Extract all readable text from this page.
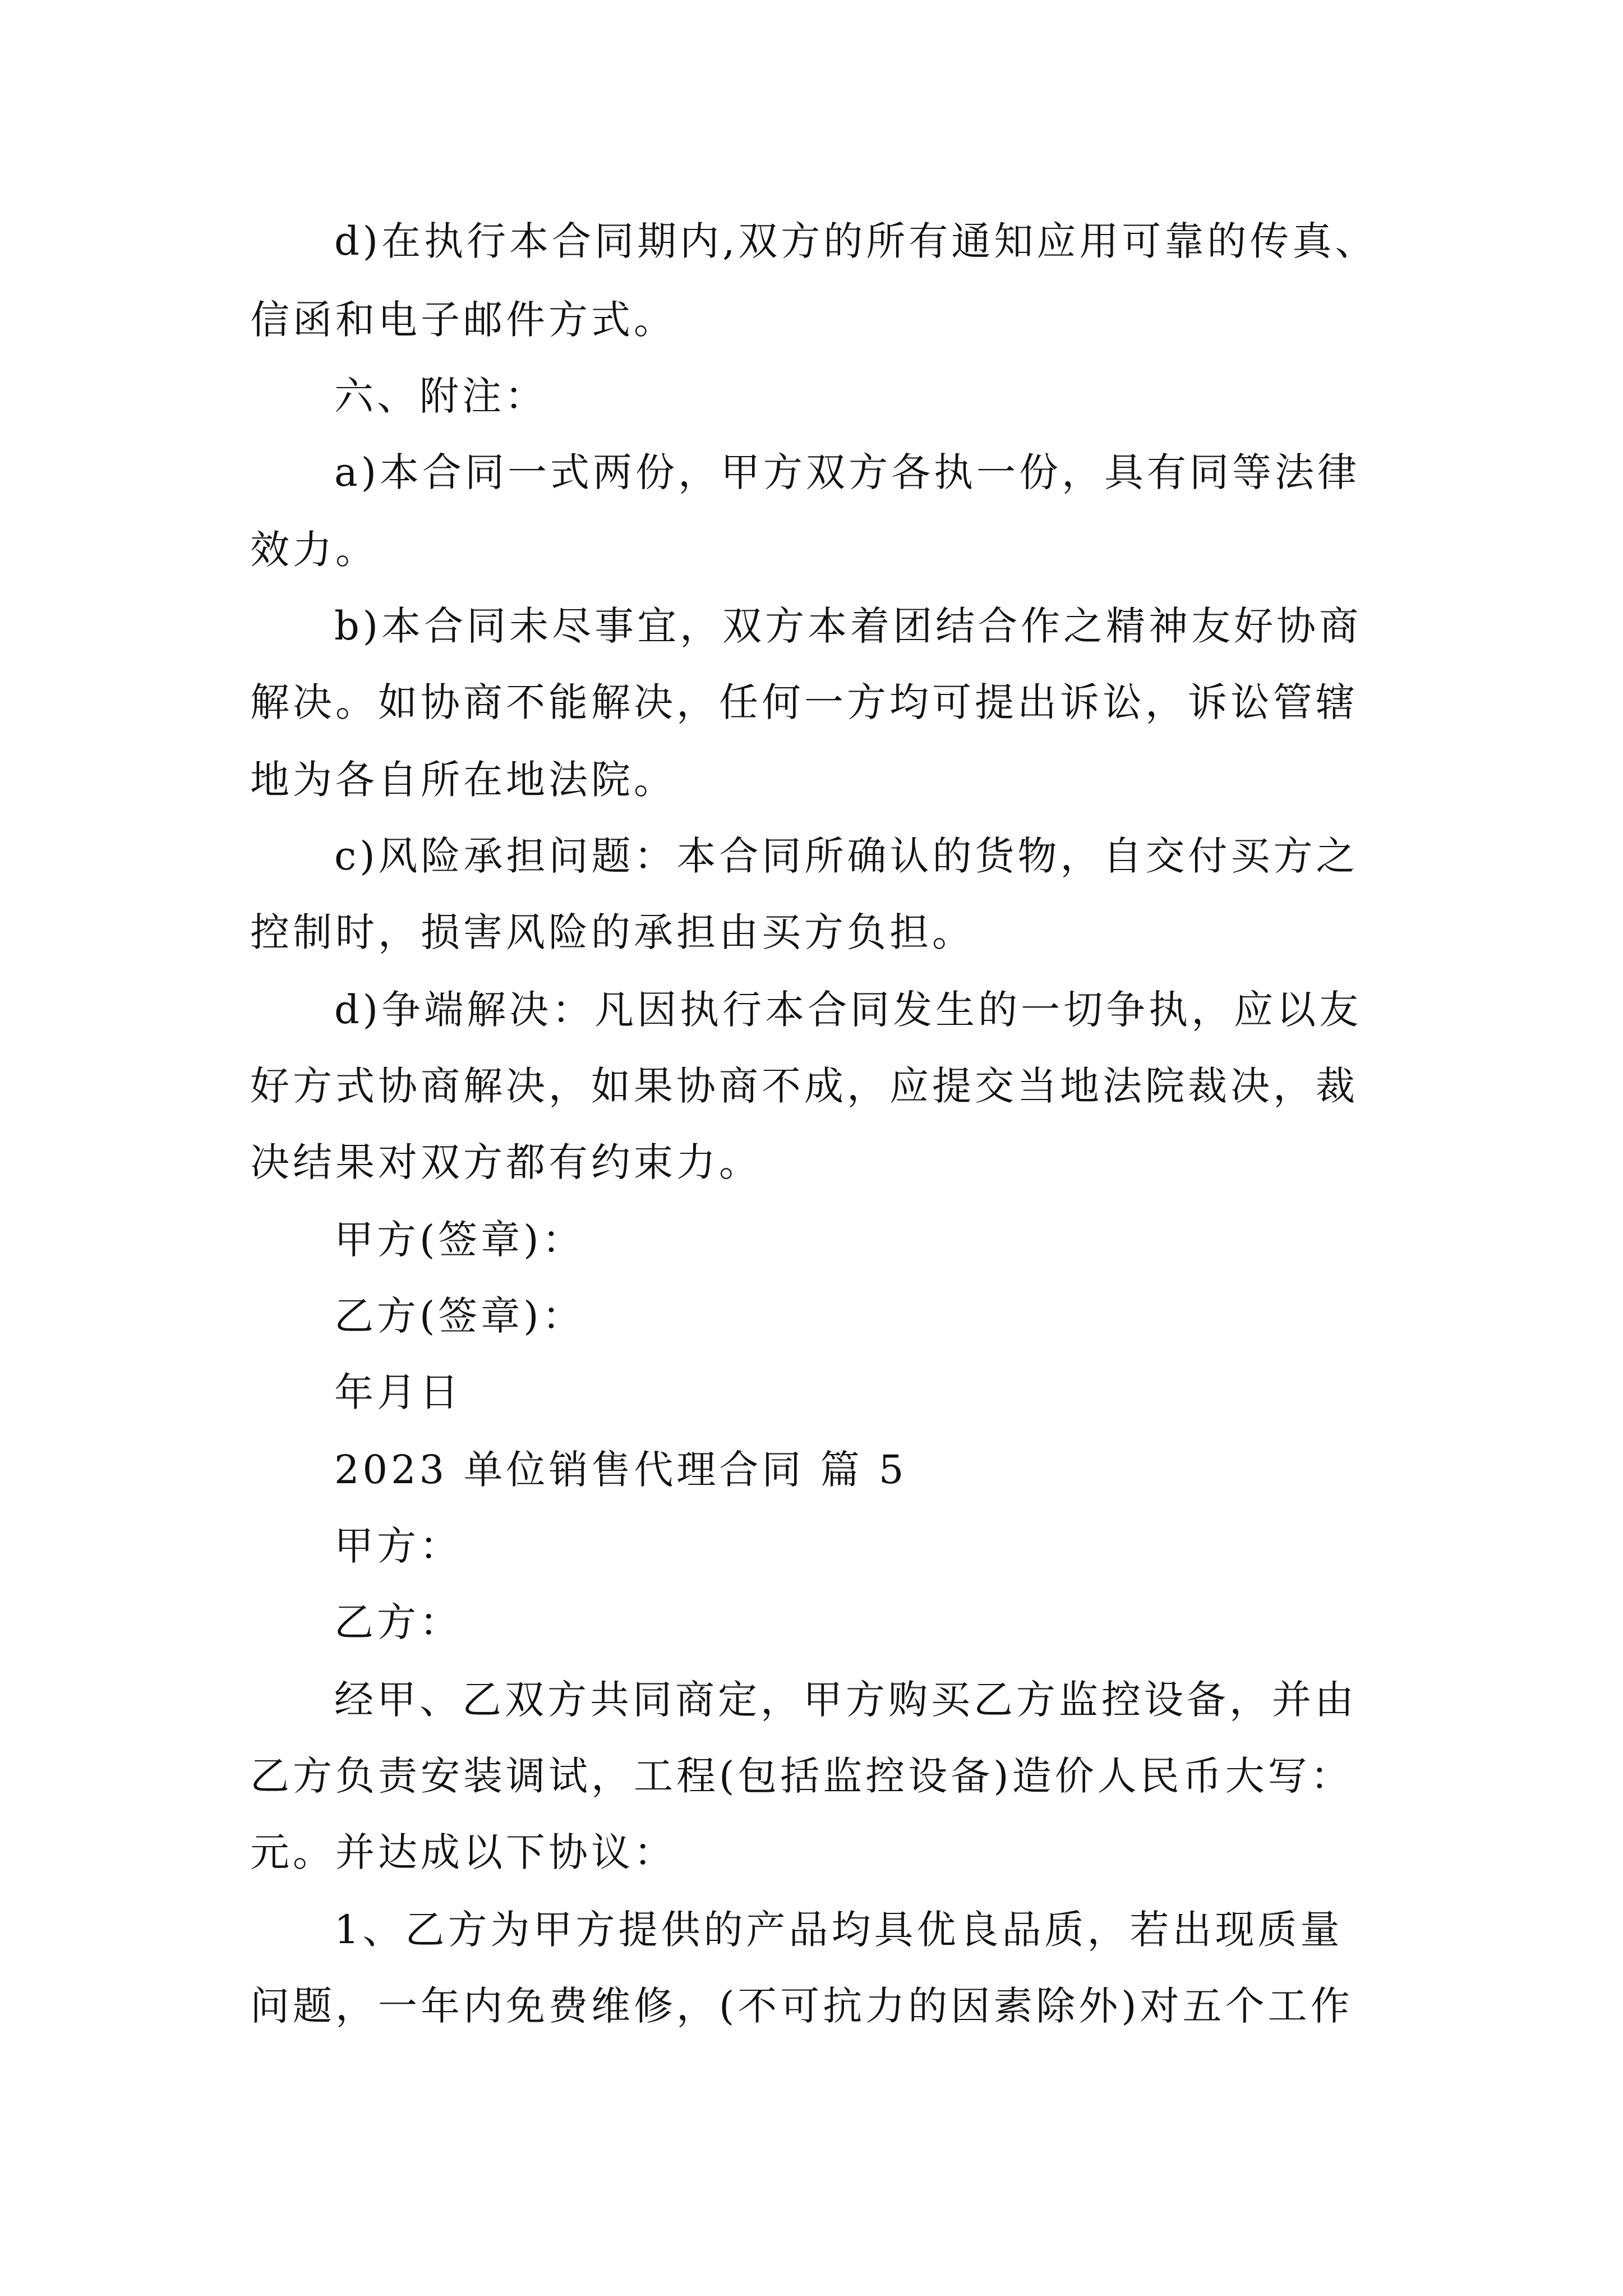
d)在执行本合同期内,双方的所有通知应用可靠的传真、
信函和电子邮件方式。
六、附注：
a)本合同一式两份，甲方双方各执一份，具有同等法律
效力。
b)本合同未尽事宜，双方本着团结合作之精神友好协商
解决。如协商不能解决，任何一方均可提出诉讼，诉讼管辖
地为各自所在地法院。
c)风险承担问题：本合同所确认的货物，自交付买方之
控制时，损害风险的承担由买方负担。
d)争端解决：凡因执行本合同发生的一切争执，应以友
好方式协商解决，如果协商不成，应提交当地法院裁决，裁
决结果对双方都有约束力。
甲方(签章)：
乙方(签章)：
年月日
2023 单位销售代理合同 篇 5
甲方：
乙方：
经甲、乙双方共同商定，甲方购买乙方监控设备，并由
乙方负责安装调试，工程(包括监控设备)造价人民币大写：
元。并达成以下协议：
1、乙方为甲方提供的产品均具优良品质，若出现质量
问题，一年内免费维修，(不可抗力的因素除外)对五个工作
